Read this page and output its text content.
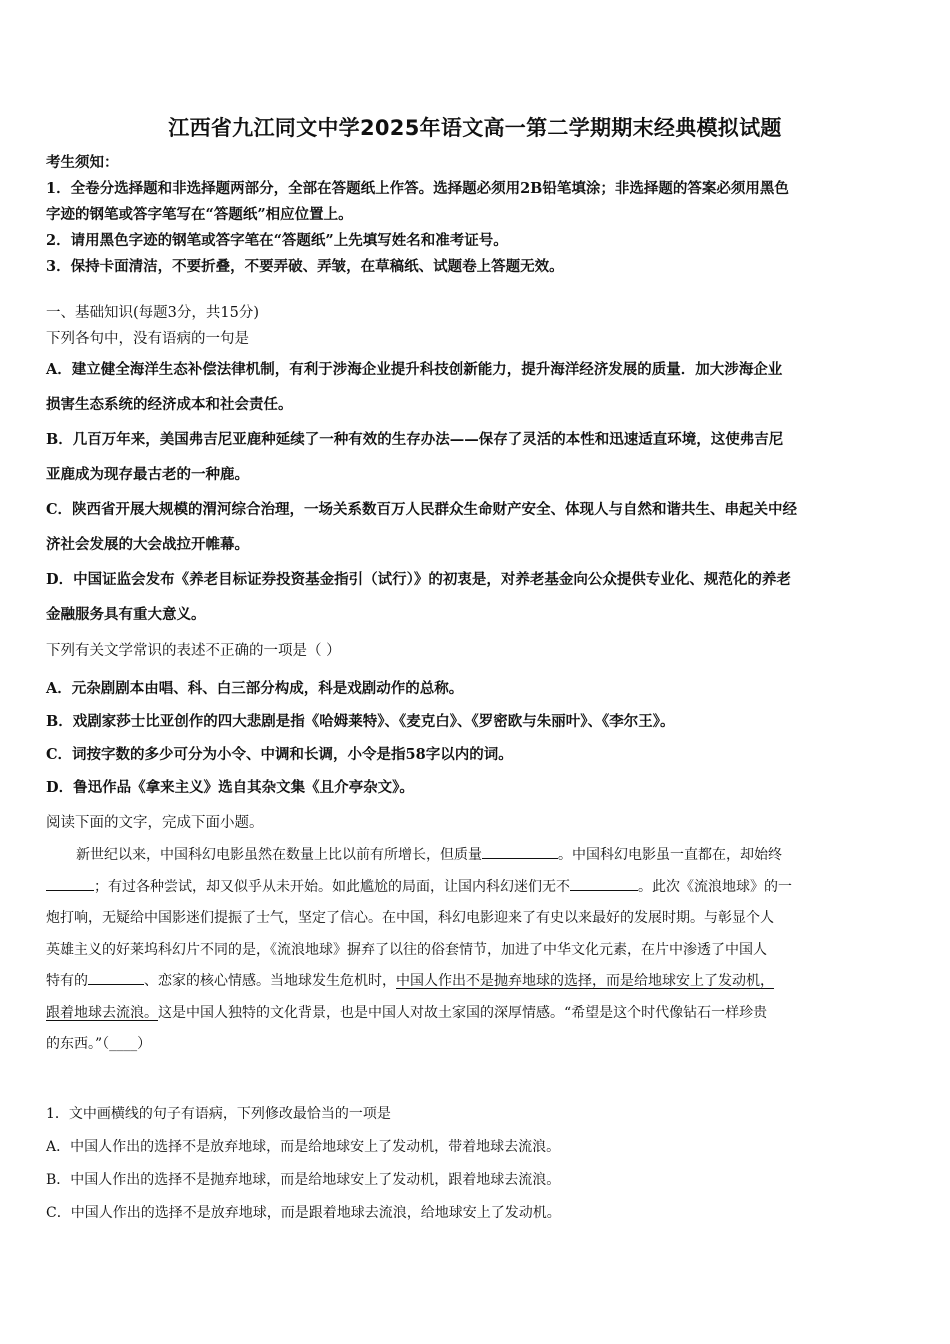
江西省九江同文中学2025年语文高一第二学期期末经典模拟试题
考生须知：
1．全卷分选择题和非选择题两部分，全部在答题纸上作答。选择题必须用2B铅笔填涂；非选择题的答案必须用黑色
字迹的钢笔或答字笔写在“答题纸”相应位置上。
2．请用黑色字迹的钢笔或答字笔在“答题纸”上先填写姓名和准考证号。
3．保持卡面清洁，不要折叠，不要弄破、弄皱，在草稿纸、试题卷上答题无效。
一、基础知识(每题3分，共15分)
下列各句中，没有语病的一句是
A．建立健全海洋生态补偿法律机制，有利于涉海企业提升科技创新能力，提升海洋经济发展的质量．加大涉海企业
损害生态系统的经济成本和社会责任。
B．几百万年来，美国弗吉尼亚鹿种延续了一种有效的生存办法——保存了灵活的本性和迅速适直环境，这使弗吉尼
亚鹿成为现存最古老的一种鹿。
C．陕西省开展大规模的渭河综合治理，一场关系数百万人民群众生命财产安全、体现人与自然和谐共生、串起关中经
济社会发展的大会战拉开帷幕。
D．中国证监会发布《养老目标证券投资基金指引（试行）》的初衷是，对养老基金向公众提供专业化、规范化的养老
金融服务具有重大意义。
下列有关文学常识的表述不正确的一项是（ ）
A．元杂剧剧本由唱、科、白三部分构成，科是戏剧动作的总称。
B．戏剧家莎士比亚创作的四大悲剧是指《哈姆莱特》、《麦克白》、《罗密欧与朱丽叶》、《李尔王》。
C．词按字数的多少可分为小令、中调和长调，小令是指58字以内的词。
D．鲁迅作品《拿来主义》选自其杂文集《且介亭杂文》。
阅读下面的文字，完成下面小题。
新世纪以来，中国科幻电影虽然在数量上比以前有所增长，但质量	。中国科幻电影虽一直都在，却始终
；有过各种尝试，却又似乎从未开始。如此尴尬的局面，让国内科幻迷们无不	。此次《流浪地球》的一
炮打响，无疑给中国影迷们提振了士气，坚定了信心。在中国，科幻电影迎来了有史以来最好的发展时期。与彰显个人
英雄主义的好莱坞科幻片不同的是，《流浪地球》摒弃了以往的俗套情节，加进了中华文化元素，在片中渗透了中国人
特有的	、恋家的核心情感。当地球发生危机时，中国人作出不是抛弃地球的选择，而是给地球安上了发动机，
跟着地球去流浪。这是中国人独特的文化背景，也是中国人对故土家国的深厚情感。“希望是这个时代像钻石一样珍贵
的东西。”（____）
1．文中画横线的句子有语病，下列修改最恰当的一项是
A．中国人作出的选择不是放弃地球，而是给地球安上了发动机，带着地球去流浪。
B．中国人作出的选择不是抛弃地球，而是给地球安上了发动机，跟着地球去流浪。
C．中国人作出的选择不是放弃地球，而是跟着地球去流浪，给地球安上了发动机。
